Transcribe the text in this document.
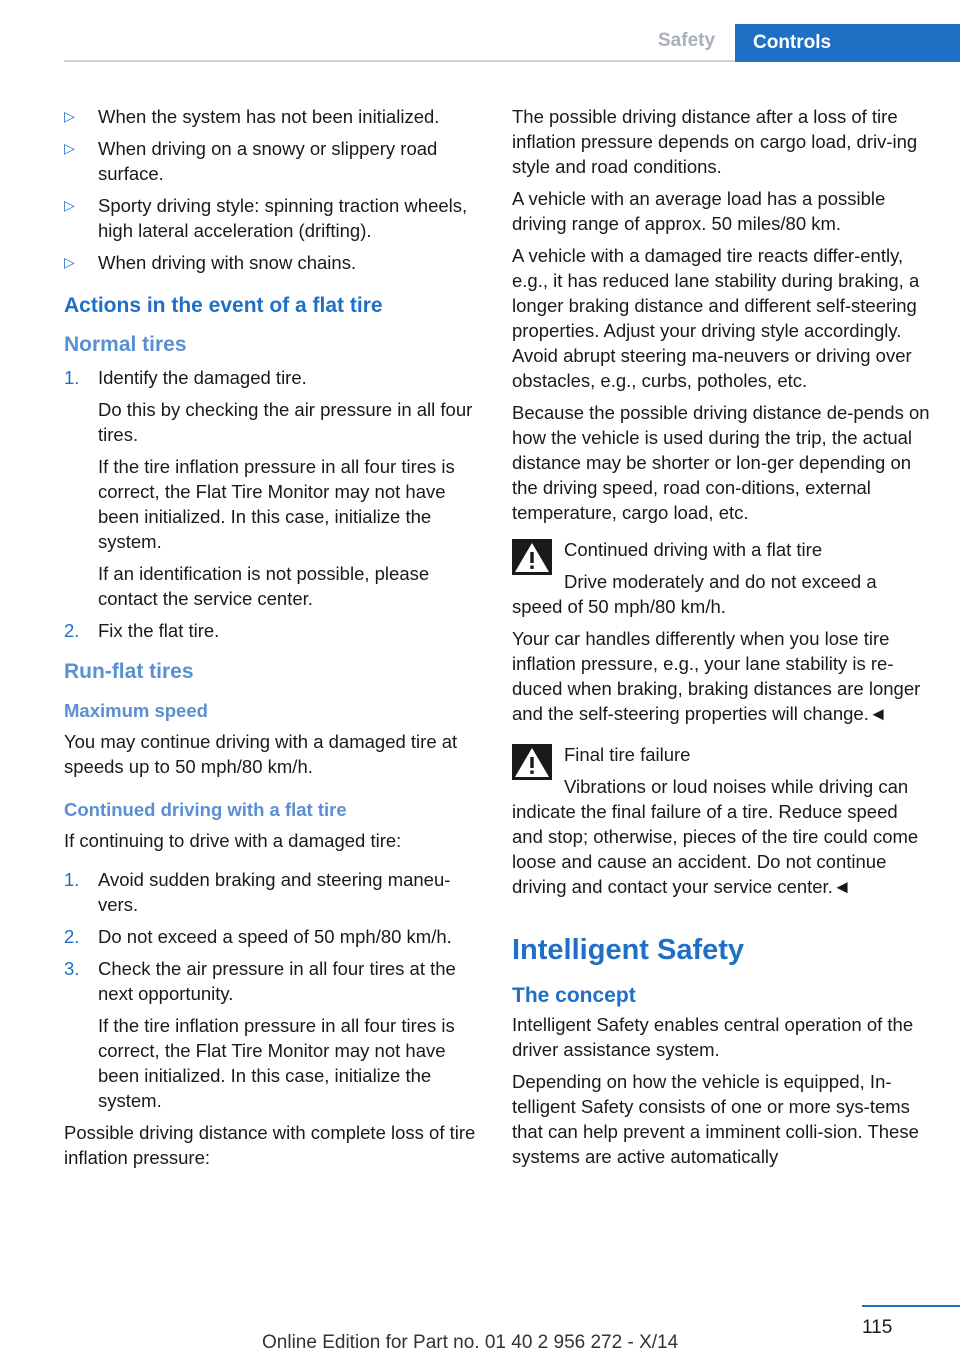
Safety	Controls
▷ When the system has not been initialized.
▷ When driving on a snowy or slippery road surface.
▷ Sporty driving style: spinning traction wheels, high lateral acceleration (drifting).
▷ When driving with snow chains.
Actions in the event of a flat tire
Normal tires
1. Identify the damaged tire.
Do this by checking the air pressure in all four tires.
If the tire inflation pressure in all four tires is correct, the Flat Tire Monitor may not have been initialized. In this case, initialize the system.
If an identification is not possible, please contact the service center.
2. Fix the flat tire.
Run-flat tires
Maximum speed

You may continue driving with a damaged tire at speeds up to 50 mph/80 km/h.

Continued driving with a flat tire

If continuing to drive with a damaged tire:

1. Avoid sudden braking and steering maneu‐vers.
2. Do not exceed a speed of 50 mph/80 km/h.
3. Check the air pressure in all four tires at the next opportunity.
If the tire inflation pressure in all four tires is correct, the Flat Tire Monitor may not have been initialized. In this case, initialize the system.

Possible driving distance with complete loss of tire inflation pressure:

The possible driving distance after a loss of tire inflation pressure depends on cargo load, driv‐ing style and road conditions.

A vehicle with an average load has a possible driving range of approx. 50 miles/80 km.

A vehicle with a damaged tire reacts differ‐ently, e.g., it has reduced lane stability during braking, a longer braking distance and different self-steering properties. Adjust your driving style accordingly. Avoid abrupt steering ma‐neuvers or driving over obstacles, e.g., curbs, potholes, etc.

Because the possible driving distance de‐pends on how the vehicle is used during the trip, the actual distance may be shorter or lon‐ger depending on the driving speed, road con‐ditions, external temperature, cargo load, etc.

Continued driving with a flat tire
Drive moderately and do not exceed a speed of 50 mph/80 km/h.

Your car handles differently when you lose tire inflation pressure, e.g., your lane stability is re‐duced when braking, braking distances are longer and the self-steering properties will change.◄

Final tire failure
Vibrations or loud noises while driving can indicate the final failure of a tire. Reduce speed and stop; otherwise, pieces of the tire could come loose and cause an accident. Do not continue driving and contact your service center.◄
Intelligent Safety
The concept

Intelligent Safety enables central operation of the driver assistance system.

Depending on how the vehicle is equipped, In‐telligent Safety consists of one or more sys‐tems that can help prevent a imminent colli‐sion. These systems are active automatically

115
Online Edition for Part no. 01 40 2 956 272 - X/14
